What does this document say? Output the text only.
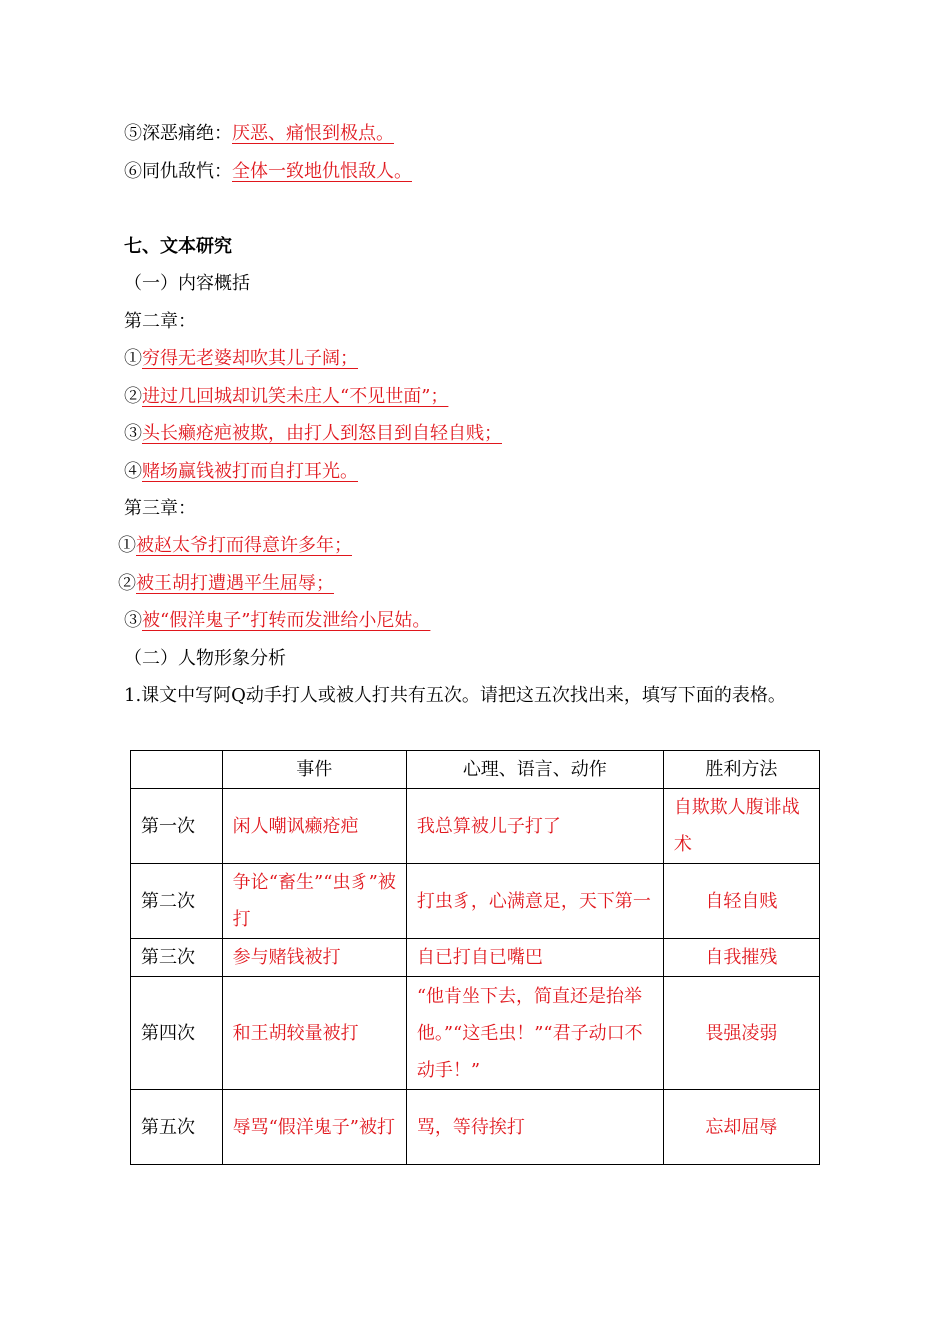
⑤深恶痛绝：厌恶、痛恨到极点。
⑥同仇敌忾：全体一致地仇恨敌人。
七、文本研究
（一）内容概括
第二章：
①穷得无老婆却吹其儿子阔；
②进过几回城却讥笑未庄人“不见世面”；
③头长癞疮疤被欺，由打人到怒目到自轻自贱；
④赌场赢钱被打而自打耳光。
第三章：
①被赵太爷打而得意许多年；
②被王胡打遭遇平生屈辱；
③被“假洋鬼子”打转而发泄给小尼姑。
（二）人物形象分析
1.课文中写阿Q动手打人或被人打共有五次。请把这五次找出来，填写下面的表格。
	事件	心理、语言、动作	胜利方法
第一次	闲人嘲讽癞疮疤	我总算被儿子打了	自欺欺人腹诽战术
第二次	争论“畜生”“虫豸”被打	打虫豸，心满意足，天下第一	自轻自贱
第三次	参与赌钱被打	自已打自已嘴巴	自我摧残
第四次	和王胡较量被打	“他肯坐下去，简直还是抬举他。”“这毛虫！”“君子动口不动手！”	畏强凌弱
第五次	辱骂“假洋鬼子”被打	骂，等待挨打	忘却屈辱
